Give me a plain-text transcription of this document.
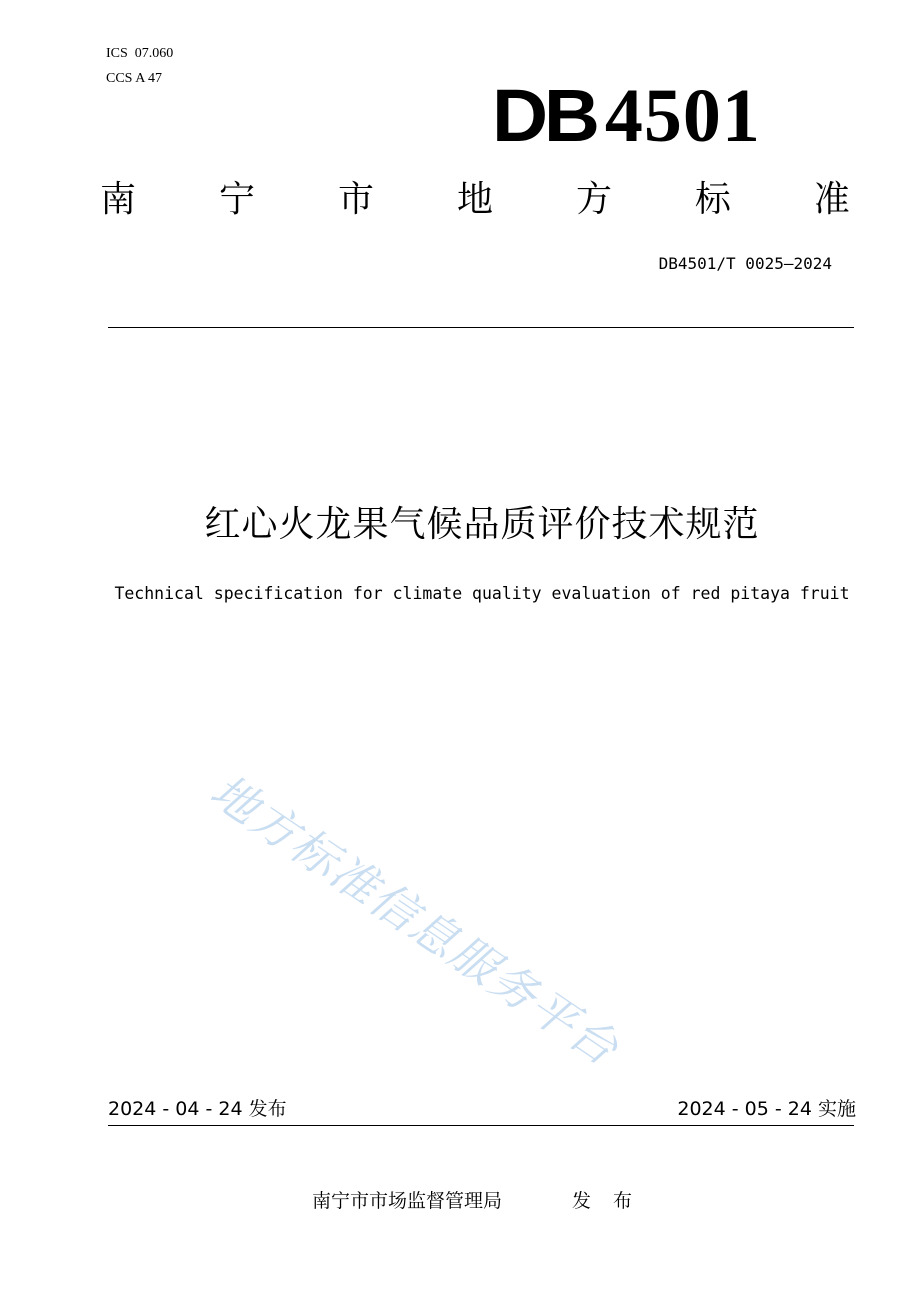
ICS  07.060
CCS A 47	DB 4501
南 宁 市 地 方 标 准
DB4501/T 0025—2024
红心火龙果气候品质评价技术规范
Technical specification for climate quality evaluation of red pitaya fruit
地方标准信息服务平台
2024 - 04 - 24 发布	2024 - 05 - 24 实施
南宁市市场监督管理局	发 布
